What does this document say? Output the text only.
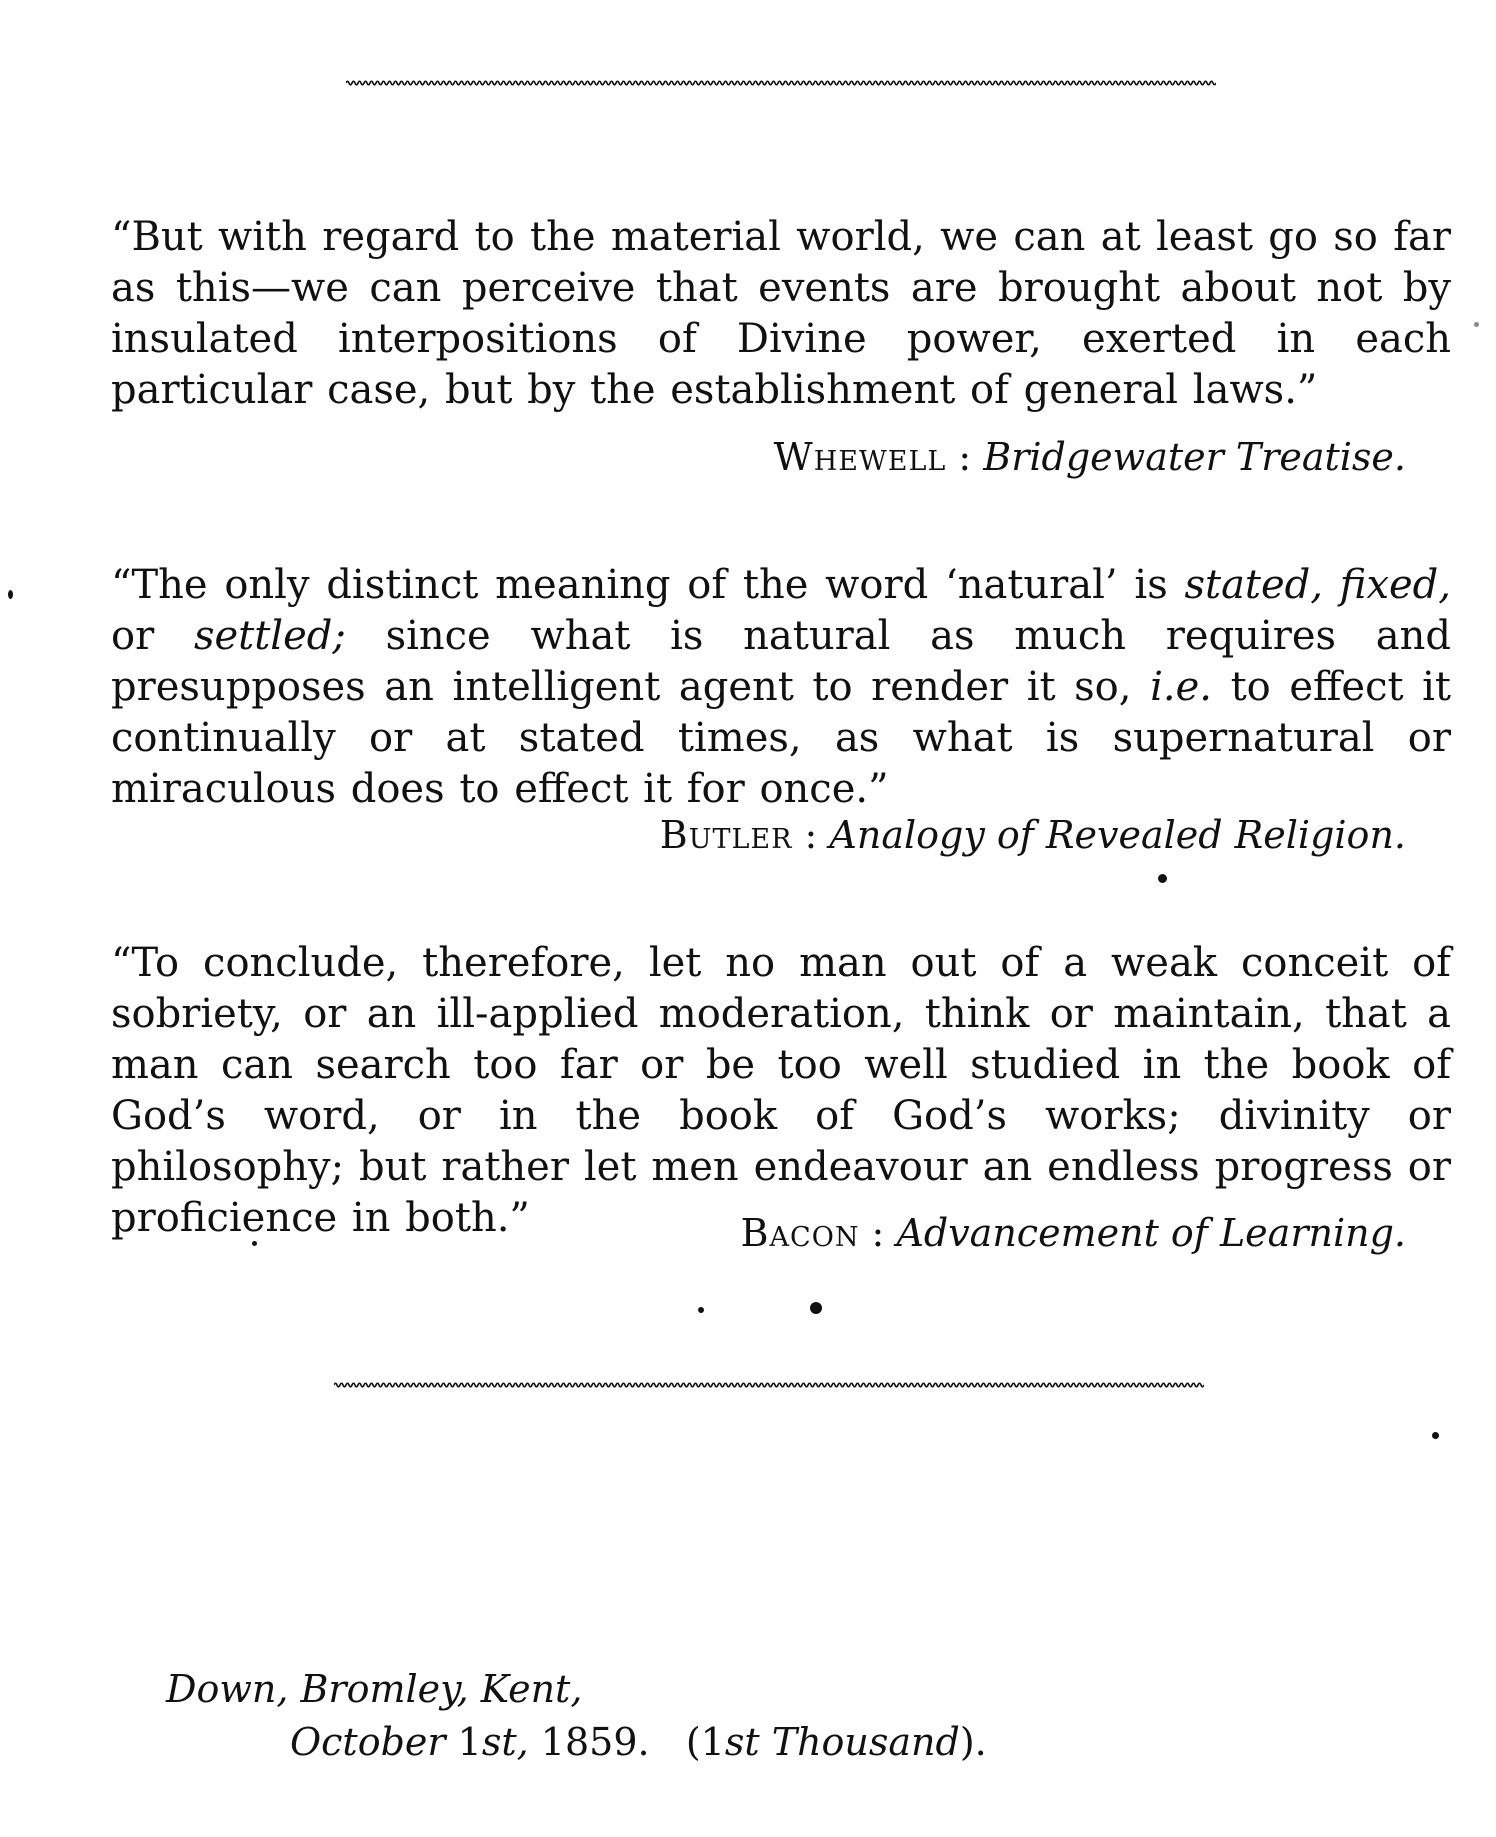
“But with regard to the material world, we can at least go so far as this—we can perceive that events are brought about not by insulated interpositions of Divine power, exerted in each particular case, but by the establishment of general laws.”
Whewell : Bridgewater Treatise.
“The only distinct meaning of the word ‘natural’ is stated, fixed, or settled; since what is natural as much requires and presupposes an intelligent agent to render it so, i.e. to effect it continually or at stated times, as what is supernatural or miraculous does to effect it for once.”
Butler : Analogy of Revealed Religion.
“To conclude, therefore, let no man out of a weak conceit of sobriety, or an ill-applied moderation, think or maintain, that a man can search too far or be too well studied in the book of God’s word, or in the book of God’s works; divinity or philosophy; but rather let men endeavour an endless progress or proficience in both.”	Bacon : Advancement of Learning.
Down, Bromley, Kent,
October 1st, 1859. (1st Thousand).
